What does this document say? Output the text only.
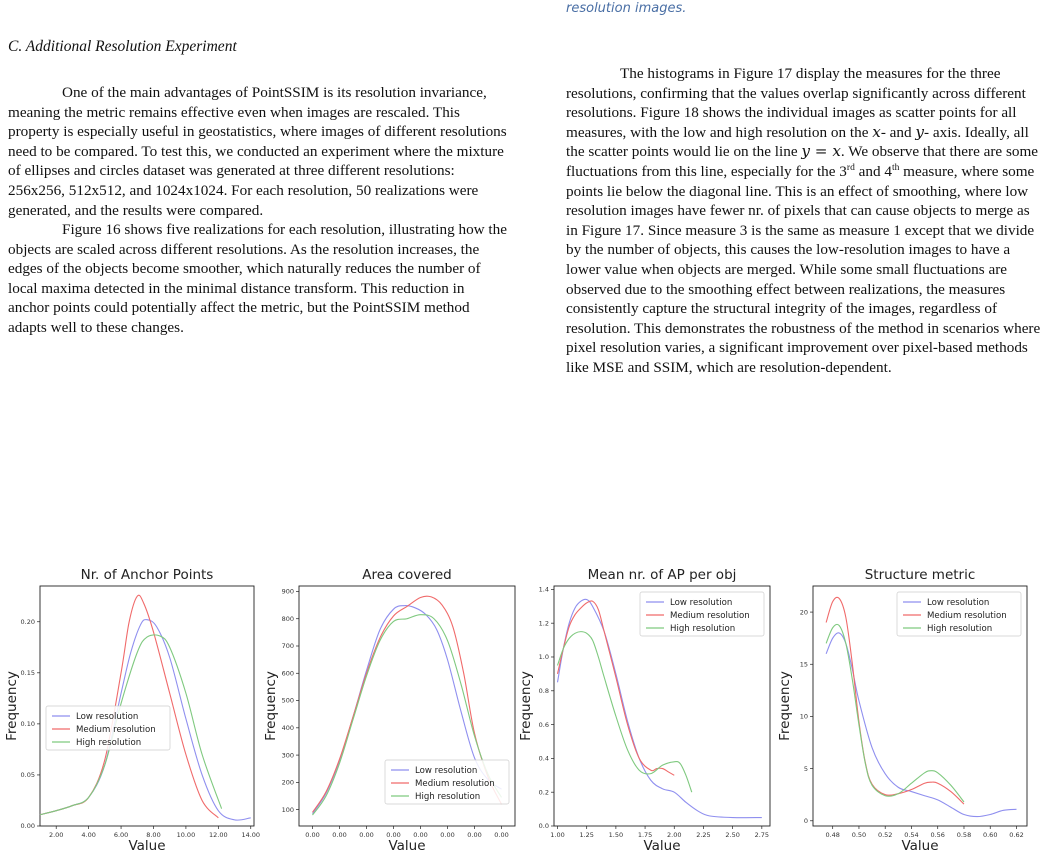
resolution images.
C. Additional Resolution Experiment
One of the main advantages of PointSSIM is its resolution invariance, meaning the metric remains effective even when images are rescaled. This property is especially useful in geostatistics, where images of different resolutions need to be compared. To test this, we conducted an experiment where the mixture of ellipses and circles dataset was generated at three different resolutions: 256x256, 512x512, and 1024x1024. For each resolution, 50 realizations were generated, and the results were compared.
Figure 16 shows five realizations for each resolution, illustrating how the objects are scaled across different resolutions. As the resolution increases, the edges of the objects become smoother, which naturally reduces the number of local maxima detected in the minimal distance transform. This reduction in anchor points could potentially affect the metric, but the PointSSIM method adapts well to these changes.
The histograms in Figure 17 display the measures for the three resolutions, confirming that the values overlap significantly across different resolutions. Figure 18 shows the individual images as scatter points for all measures, with the low and high resolution on the x- and y- axis. Ideally, all the scatter points would lie on the line y = x. We observe that there are some fluctuations from this line, especially for the 3rd and 4th measure, where some points lie below the diagonal line. This is an effect of smoothing, where low resolution images have fewer nr. of pixels that can cause objects to merge as in Figure 17. Since measure 3 is the same as measure 1 except that we divide by the number of objects, this causes the low-resolution images to have a lower value when objects are merged. While some small fluctuations are observed due to the smoothing effect between realizations, the measures consistently capture the structural integrity of the images, regardless of resolution. This demonstrates the robustness of the method in scenarios where pixel resolution varies, a significant improvement over pixel-based methods like MSE and SSIM, which are resolution-dependent.
Nr. of Anchor Points
2.00	4.00	6.00	8.00 10.00 12.00 14.00
0.00
0.05
0.10
0.15
0.20
Value
Frequency	Low resolution
Medium resolution
High resolution
Area covered
0.00 0.00 0.00 0.00 0.00 0.00 0.00 0.00
100
200
300
400
500
600
700
800
900
Value
Frequency
Low resolution
Medium resolution
High resolution
Mean nr. of AP per obj
1.00 1.25 1.50 1.75 2.00 2.25 2.50 2.75
0.0
0.2
0.4
0.6
0.8
1.0
1.2
1.4
Value
Frequency
Low resolution
Medium resolution
High resolution
Structure metric
0.48 0.50 0.52 0.54 0.56 0.58 0.60 0.62
0
5
10
15
20
Value
Frequency
Low resolution
Medium resolution
High resolution
